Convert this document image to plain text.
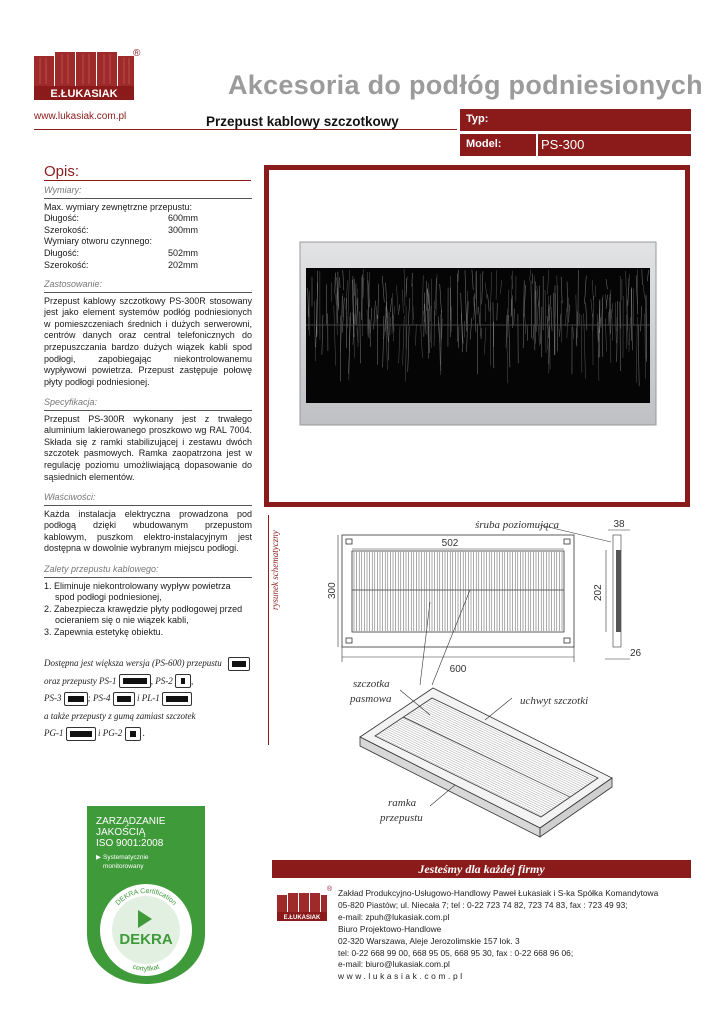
E.ŁUKASIAK
®
www.lukasiak.com.pl
Akcesoria do podłóg podniesionych
Przepust kablowy szczotkowy	Typ:
Model:	PS-300
Opis:
Wymiary:
Max. wymiary zewnętrzne przepustu:
Długość:	600mm
Szerokość:	300mm
Wymiary otworu czynnego:
Długość:	502mm
Szerokość:	202mm
Zastosowanie:
Przepust kablowy szczotkowy PS-300R stosowany jest jako element systemów podłóg podniesionych w pomieszczeniach średnich i dużych serwerowni, centrów danych oraz central telefonicznych do przepuszczania bardzo dużych wiązek kabli spod podłogi, zapobiegając niekontrolowanemu wypływowi powietrza. Przepust zastępuje połowę płyty podłogi podniesionej.
Specyfikacja:
Przepust PS-300R wykonany jest z trwałego aluminium lakierowanego proszkowo wg RAL 7004. Składa się z ramki stabilizującej i zestawu dwóch szczotek pasmowych. Ramka zaopatrzona jest w regulację poziomu umożliwiającą dopasowanie do sąsiednich elementów.
Właściwości:
Każda instalacja elektryczna prowadzona pod podłogą dzięki wbudowanym przepustom kablowym, puszkom elektro-instalacyjnym jest dostępna w dowolnie wybranym miejscu podłogi.
Zalety przepustu kablowego:
1. Eliminuje niekontrolowany wypływ powietrza spod podłogi podniesionej,
2. Zabezpiecza krawędzie płyty podłogowej przed ocieraniem się o nie wiązek kabli,
3. Zapewnia estetykę obiektu.
Dostępna jest większa wersja (PS-600) przepustu
oraz przepusty PS-1	, PS-2 ,
PS-3	; PS-4	i PL-1
a także przepusty z gumą zamiast szczotek
PG-1	i PG-2 .
rysunek schematyczny	502
300
600
38
202
26
śruba poziomująca
szczotka
pasmowa	uchwyt szczotki
ramka
przepustu
ZARZĄDZANIE
JAKOŚCIĄ
ISO 9001:2008
▶ Systematycznie
monitorowany
DEKRA Certification
DEKRA
certyfikat
Jesteśmy dla każdej firmy
E.ŁUKASIAK
® Zakład Produkcyjno-Usługowo-Handlowy Paweł Łukasiak i S-ka Spółka Komandytowa
05-820 Piastów; ul. Niecała 7; tel : 0-22 723 74 82, 723 74 83, fax : 723 49 93;
e-mail: zpuh@lukasiak.com.pl
Biuro Projektowo-Handlowe
02-320 Warszawa, Aleje Jerozolimskie 157 lok. 3
tel: 0-22 668 99 00, 668 95 05, 668 95 30, fax : 0-22 668 96 06;
e-mail: biuro@lukasiak.com.pl
www.lukasiak.com.pl
